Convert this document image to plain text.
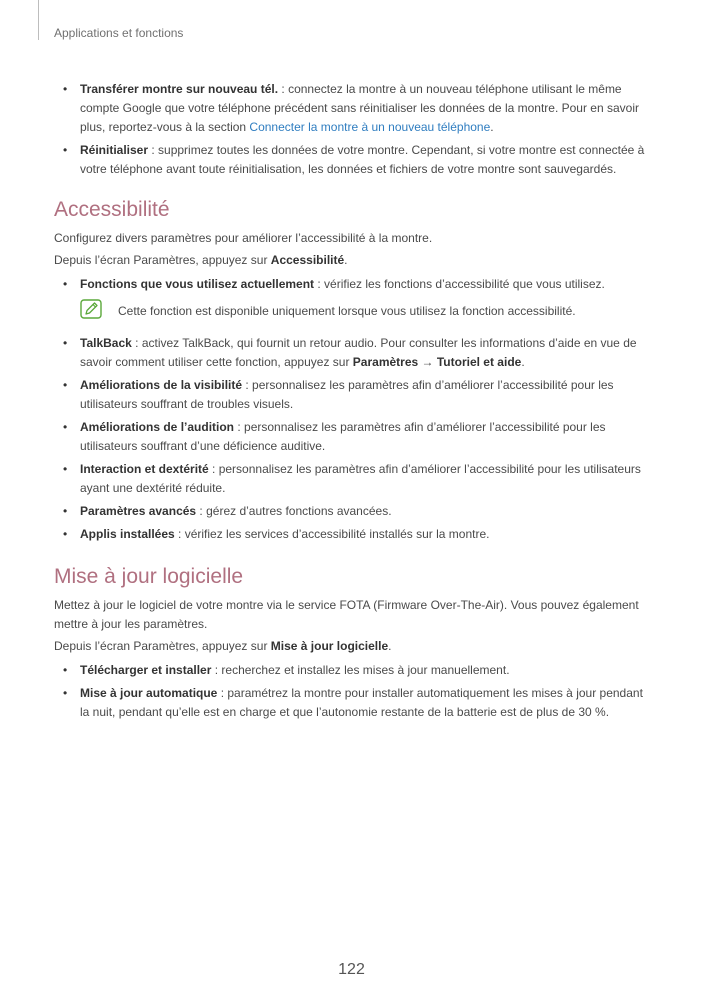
Applications et fonctions
• Transférer montre sur nouveau tél. : connectez la montre à un nouveau téléphone utilisant le même compte Google que votre téléphone précédent sans réinitialiser les données de la montre. Pour en savoir plus, reportez-vous à la section Connecter la montre à un nouveau téléphone.
• Réinitialiser : supprimez toutes les données de votre montre. Cependant, si votre montre est connectée à votre téléphone avant toute réinitialisation, les données et fichiers de votre montre sont sauvegardés.
Accessibilité

Configurez divers paramètres pour améliorer l’accessibilité à la montre.

Depuis l’écran Paramètres, appuyez sur Accessibilité.

• Fonctions que vous utilisez actuellement : vérifiez les fonctions d’accessibilité que vous utilisez.
Cette fonction est disponible uniquement lorsque vous utilisez la fonction accessibilité.
• TalkBack : activez TalkBack, qui fournit un retour audio. Pour consulter les informations d’aide en vue de savoir comment utiliser cette fonction, appuyez sur Paramètres → Tutoriel et aide.
• Améliorations de la visibilité : personnalisez les paramètres afin d’améliorer l’accessibilité pour les utilisateurs souffrant de troubles visuels.
• Améliorations de l’audition : personnalisez les paramètres afin d’améliorer l’accessibilité pour les utilisateurs souffrant d’une déficience auditive.
• Interaction et dextérité : personnalisez les paramètres afin d’améliorer l’accessibilité pour les utilisateurs ayant une dextérité réduite.
• Paramètres avancés : gérez d’autres fonctions avancées.
• Applis installées : vérifiez les services d’accessibilité installés sur la montre.
Mise à jour logicielle

Mettez à jour le logiciel de votre montre via le service FOTA (Firmware Over-The-Air). Vous pouvez également mettre à jour les paramètres.

Depuis l’écran Paramètres, appuyez sur Mise à jour logicielle.

• Télécharger et installer : recherchez et installez les mises à jour manuellement.
• Mise à jour automatique : paramétrez la montre pour installer automatiquement les mises à jour pendant la nuit, pendant qu’elle est en charge et que l’autonomie restante de la batterie est de plus de 30 %.
122
